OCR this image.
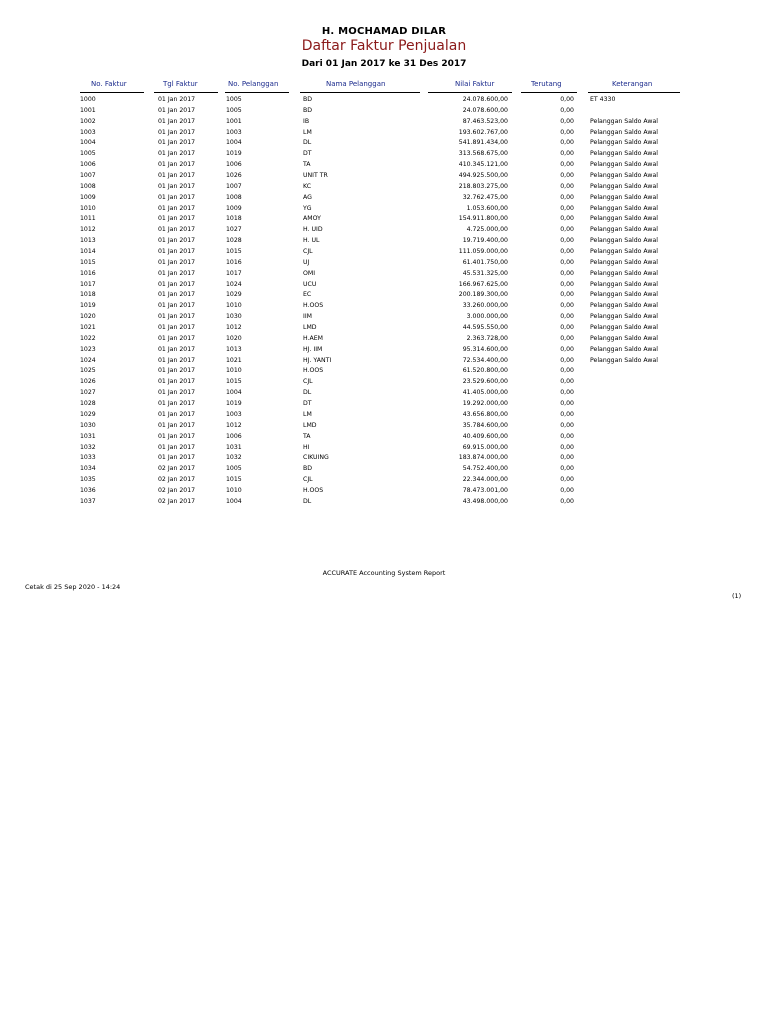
H. MOCHAMAD DILAR
Daftar Faktur Penjualan
Dari 01 Jan 2017 ke 31 Des 2017
No. Faktur	Tgl Faktur	No. Pelanggan	Nama Pelanggan	Nilai Faktur	Terutang	Keterangan
1000	01 Jan 2017	1005	BD	24.078.600,00	0,00	ET 4330
1001	01 Jan 2017	1005	BD	24.078.600,00	0,00
1002	01 Jan 2017	1001	IB	87.463.523,00	0,00	Pelanggan Saldo Awal
1003	01 Jan 2017	1003	LM	193.602.767,00	0,00	Pelanggan Saldo Awal
1004	01 Jan 2017	1004	DL	541.891.434,00	0,00	Pelanggan Saldo Awal
1005	01 Jan 2017	1019	DT	313.568.675,00	0,00	Pelanggan Saldo Awal
1006	01 Jan 2017	1006	TA	410.345.121,00	0,00	Pelanggan Saldo Awal
1007	01 Jan 2017	1026	UNIT TR	494.925.500,00	0,00	Pelanggan Saldo Awal
1008	01 Jan 2017	1007	KC	218.803.275,00	0,00	Pelanggan Saldo Awal
1009	01 Jan 2017	1008	AG	32.762.475,00	0,00	Pelanggan Saldo Awal
1010	01 Jan 2017	1009	YG	1.053.600,00	0,00	Pelanggan Saldo Awal
1011	01 Jan 2017	1018	AMOY	154.911.800,00	0,00	Pelanggan Saldo Awal
1012	01 Jan 2017	1027	H. UID	4.725.000,00	0,00	Pelanggan Saldo Awal
1013	01 Jan 2017	1028	H. UL	19.719.400,00	0,00	Pelanggan Saldo Awal
1014	01 Jan 2017	1015	CJL	111.059.000,00	0,00	Pelanggan Saldo Awal
1015	01 Jan 2017	1016	UJ	61.401.750,00	0,00	Pelanggan Saldo Awal
1016	01 Jan 2017	1017	OMI	45.531.325,00	0,00	Pelanggan Saldo Awal
1017	01 Jan 2017	1024	UCU	166.967.625,00	0,00	Pelanggan Saldo Awal
1018	01 Jan 2017	1029	EC	200.189.300,00	0,00	Pelanggan Saldo Awal
1019	01 Jan 2017	1010	H.OOS	33.260.000,00	0,00	Pelanggan Saldo Awal
1020	01 Jan 2017	1030	IIM	3.000.000,00	0,00	Pelanggan Saldo Awal
1021	01 Jan 2017	1012	LMD	44.595.550,00	0,00	Pelanggan Saldo Awal
1022	01 Jan 2017	1020	H.AEM	2.363.728,00	0,00	Pelanggan Saldo Awal
1023	01 Jan 2017	1013	HJ. IIM	95.314.600,00	0,00	Pelanggan Saldo Awal
1024	01 Jan 2017	1021	HJ. YANTI	72.534.400,00	0,00	Pelanggan Saldo Awal
1025	01 Jan 2017	1010	H.OOS	61.520.800,00	0,00
1026	01 Jan 2017	1015	CJL	23.529.600,00	0,00
1027	01 Jan 2017	1004	DL	41.405.000,00	0,00
1028	01 Jan 2017	1019	DT	19.292.000,00	0,00
1029	01 Jan 2017	1003	LM	43.656.800,00	0,00
1030	01 Jan 2017	1012	LMD	35.784.600,00	0,00
1031	01 Jan 2017	1006	TA	40.409.600,00	0,00
1032	01 Jan 2017	1031	HI	69.915.000,00	0,00
1033	01 Jan 2017	1032	CIKUING	183.874.000,00	0,00
1034	02 Jan 2017	1005	BD	54.752.400,00	0,00
1035	02 Jan 2017	1015	CJL	22.344.000,00	0,00
1036	02 Jan 2017	1010	H.OOS	78.473.001,00	0,00
1037	02 Jan 2017	1004	DL	43.498.000,00	0,00
ACCURATE Accounting System Report
Cetak di 25 Sep 2020 - 14:24
(1)
